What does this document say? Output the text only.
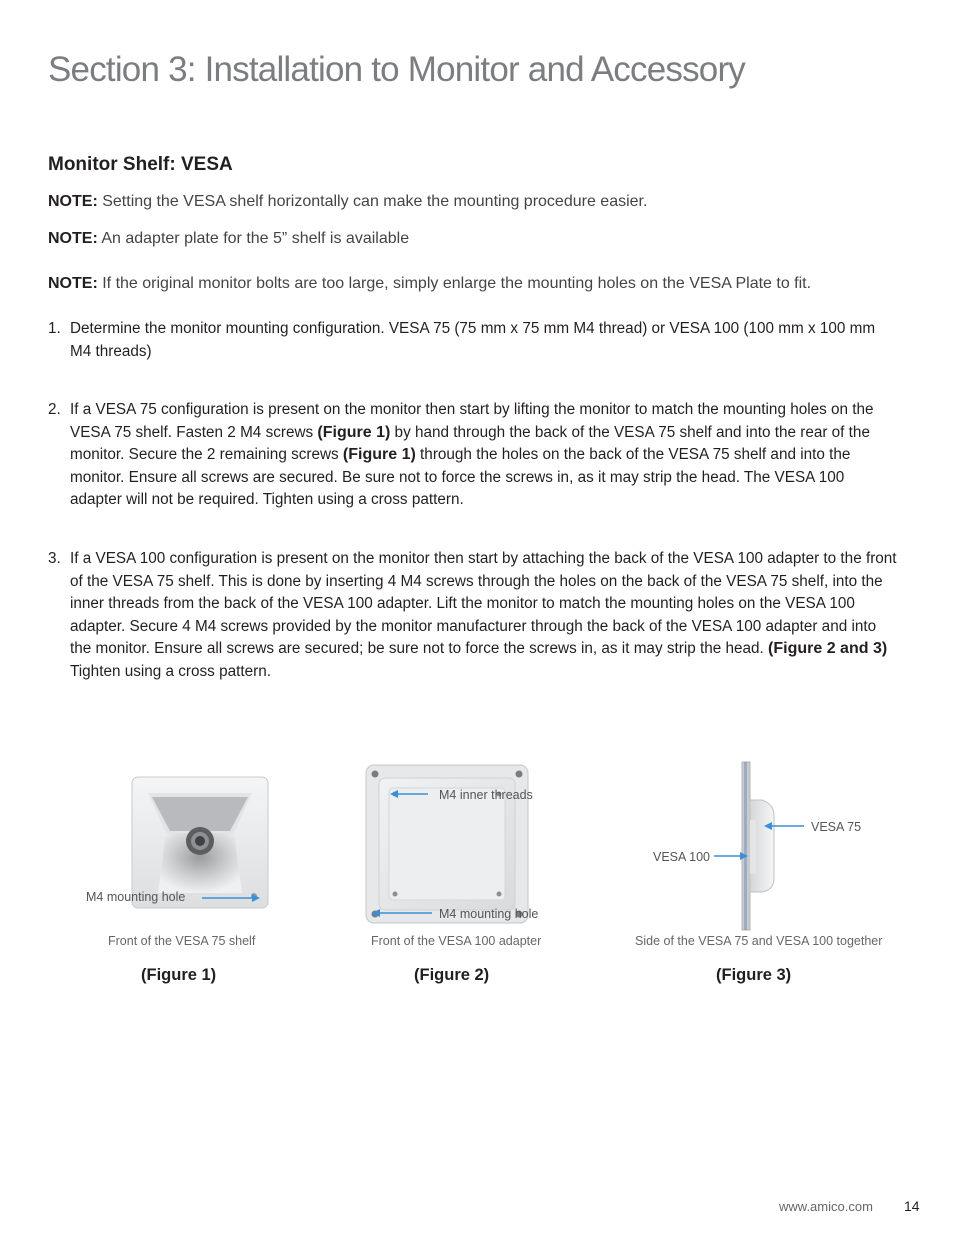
Section 3: Installation to Monitor and Accessory
Monitor Shelf: VESA
NOTE: Setting the VESA shelf horizontally can make the mounting procedure easier.
NOTE: An adapter plate for the 5” shelf is available
NOTE: If the original monitor bolts are too large, simply enlarge the mounting holes on the VESA Plate to fit.
1. Determine the monitor mounting configuration. VESA 75 (75 mm x 75 mm M4 thread) or VESA 100 (100 mm x 100 mm M4 threads)
2. If a VESA 75 configuration is present on the monitor then start by lifting the monitor to match the mounting holes on the VESA 75 shelf. Fasten 2 M4 screws (Figure 1) by hand through the back of the VESA 75 shelf and into the rear of the monitor. Secure the 2 remaining screws (Figure 1) through the holes on the back of the VESA 75 shelf and into the monitor. Ensure all screws are secured. Be sure not to force the screws in, as it may strip the head. The VESA 100 adapter will not be required. Tighten using a cross pattern.
3. If a VESA 100 configuration is present on the monitor then start by attaching the back of the VESA 100 adapter to the front of the VESA 75 shelf. This is done by inserting 4 M4 screws through the holes on the back of the VESA 75 shelf, into the inner threads from the back of the VESA 100 adapter. Lift the monitor to match the mounting holes on the VESA 100 adapter. Secure 4 M4 screws provided by the monitor manufacturer through the back of the VESA 100 adapter and into the monitor. Ensure all screws are secured; be sure not to force the screws in, as it may strip the head. (Figure 2 and 3) Tighten using a cross pattern.
M4 mounting hole
Front of the VESA 75 shelf
(Figure 1)
M4 inner threads
M4 mounting hole
Front of the VESA 100 adapter
(Figure 2)
VESA 75
VESA 100
Side of the VESA 75 and VESA 100 together
(Figure 3)
www.amico.com 14
